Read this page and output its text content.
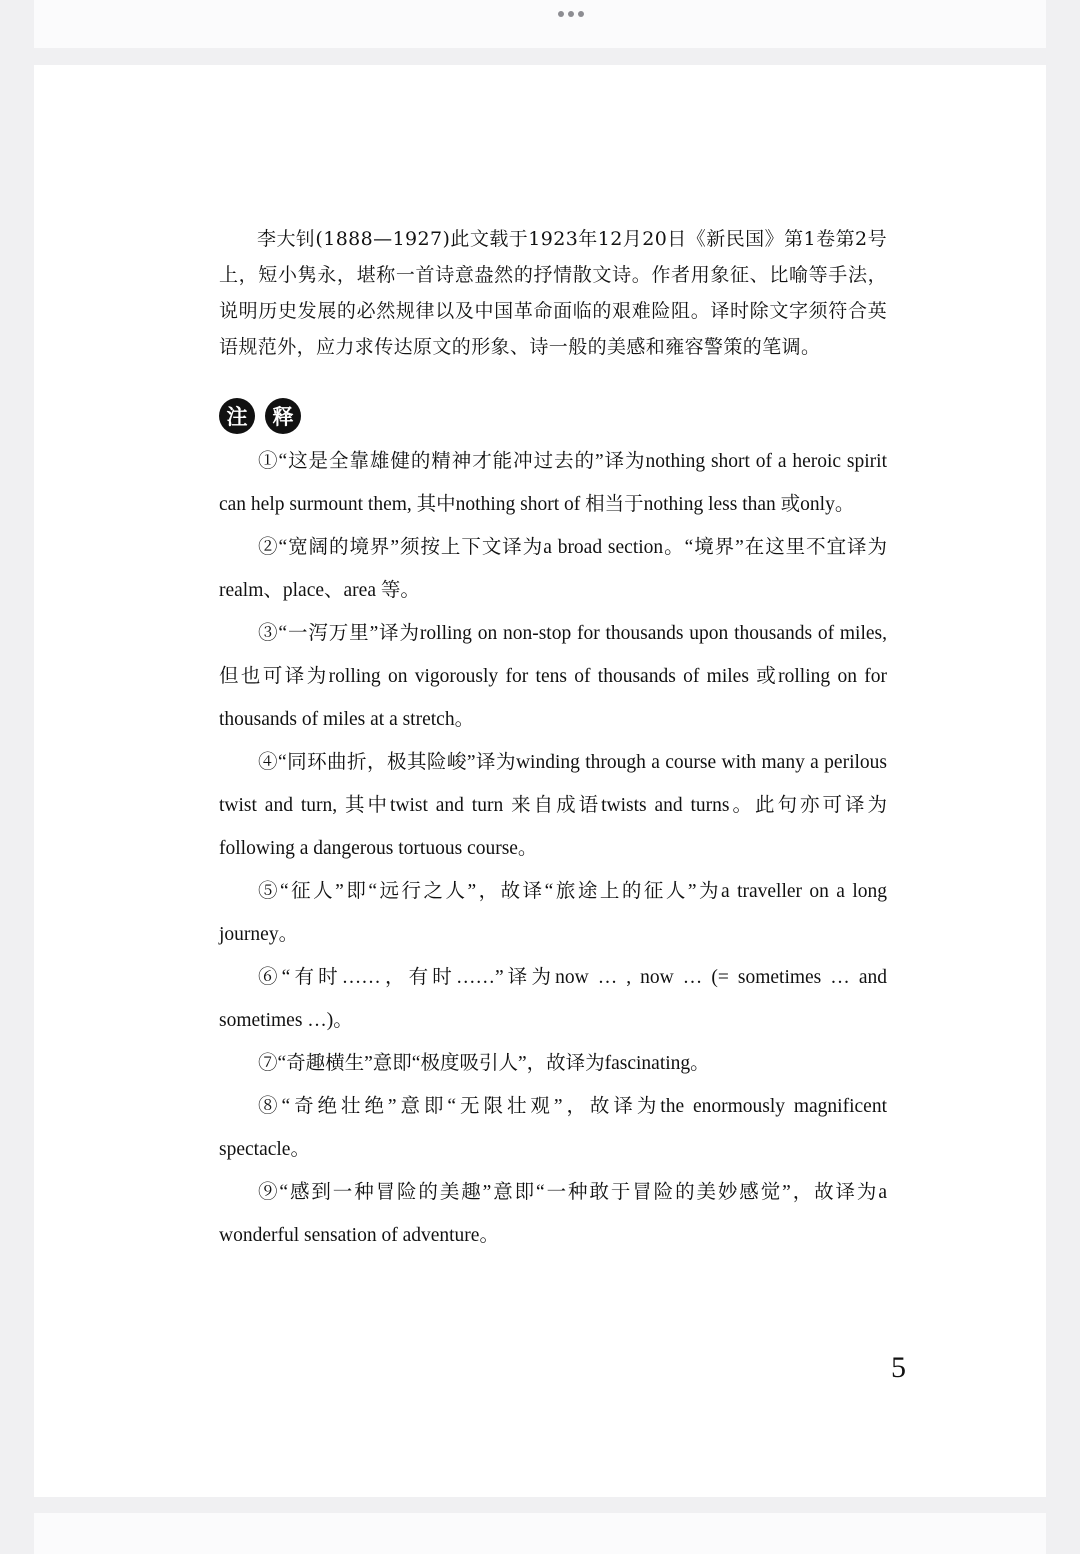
李大钊(1888—1927)此文载于1923年12月20日《新民国》第1卷第2号上，短小隽永，堪称一首诗意盎然的抒情散文诗。作者用象征、比喻等手法，说明历史发展的必然规律以及中国革命面临的艰难险阻。译时除文字须符合英语规范外，应力求传达原文的形象、诗一般的美感和雍容警策的笔调。

注	释

①“这是全靠雄健的精神才能冲过去的”译为nothing short of a heroic spirit can help surmount them, 其中nothing short of 相当于nothing less than 或only。

②“宽阔的境界”须按上下文译为a broad section。“境界”在这里不宜译为realm、place、area 等。

③“一泻万里”译为rolling on non-stop for thousands upon thousands of miles, 但也可译为rolling on vigorously for tens of thousands of miles 或rolling on for thousands of miles at a stretch。

④“同环曲折，极其险峻”译为winding through a course with many a perilous twist and turn, 其中twist and turn 来自成语twists and turns。此句亦可译为following a dangerous tortuous course。

⑤“征人”即“远行之人”，故译“旅途上的征人”为a traveller on a long journey。

⑥“有时……，有时……”译为now … , now … (= sometimes … and sometimes …)。

⑦“奇趣横生”意即“极度吸引人”，故译为fascinating。

⑧“奇绝壮绝”意即“无限壮观”，故译为the enormously magnificent spectacle。

⑨“感到一种冒险的美趣”意即“一种敢于冒险的美妙感觉”，故译为a wonderful sensation of adventure。

5
